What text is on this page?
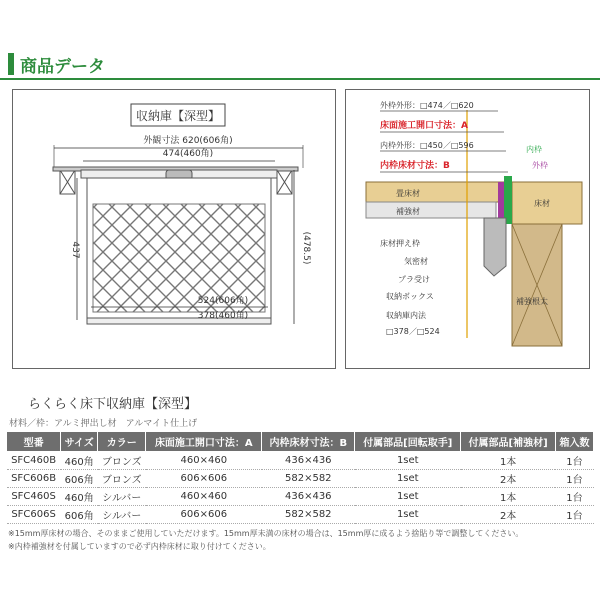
商品データ
収納庫【深型】
外観寸法 620(606角)
474(460角)
437	(478.5)
524(606角)
378(460角)
外枠外形：□474／□620
床面施工開口寸法：A
内枠外形：□450／□596
内枠床材寸法：B
内枠
外枠
畳床材
補強材
床材
床材押え枠
気密材
プラ受け
収納ボックス
補強根太
収納庫内法
□378／□524
らくらく床下収納庫【深型】
材料／枠：アルミ押出し材　アルマイト仕上げ
型番	サイズ	カラー	床面施工開口寸法：A	内枠床材寸法：B	付属部品[回転取手]	付属部品[補強材]	箱入数
SFC460B	460角	ブロンズ	460×460	436×436	1set	1本	1台
SFC606B	606角	ブロンズ	606×606	582×582	1set	2本	1台
SFC460S	460角	シルバー	460×460	436×436	1set	1本	1台
SFC606S	606角	シルバー	606×606	582×582	1set	2本	1台
※15mm厚床材の場合、そのままご使用していただけます。15mm厚未満の床材の場合は、15mm厚に成るよう捨貼り等で調整してください。
※内枠補強材を付属していますので必ず内枠床材に取り付けてください。
